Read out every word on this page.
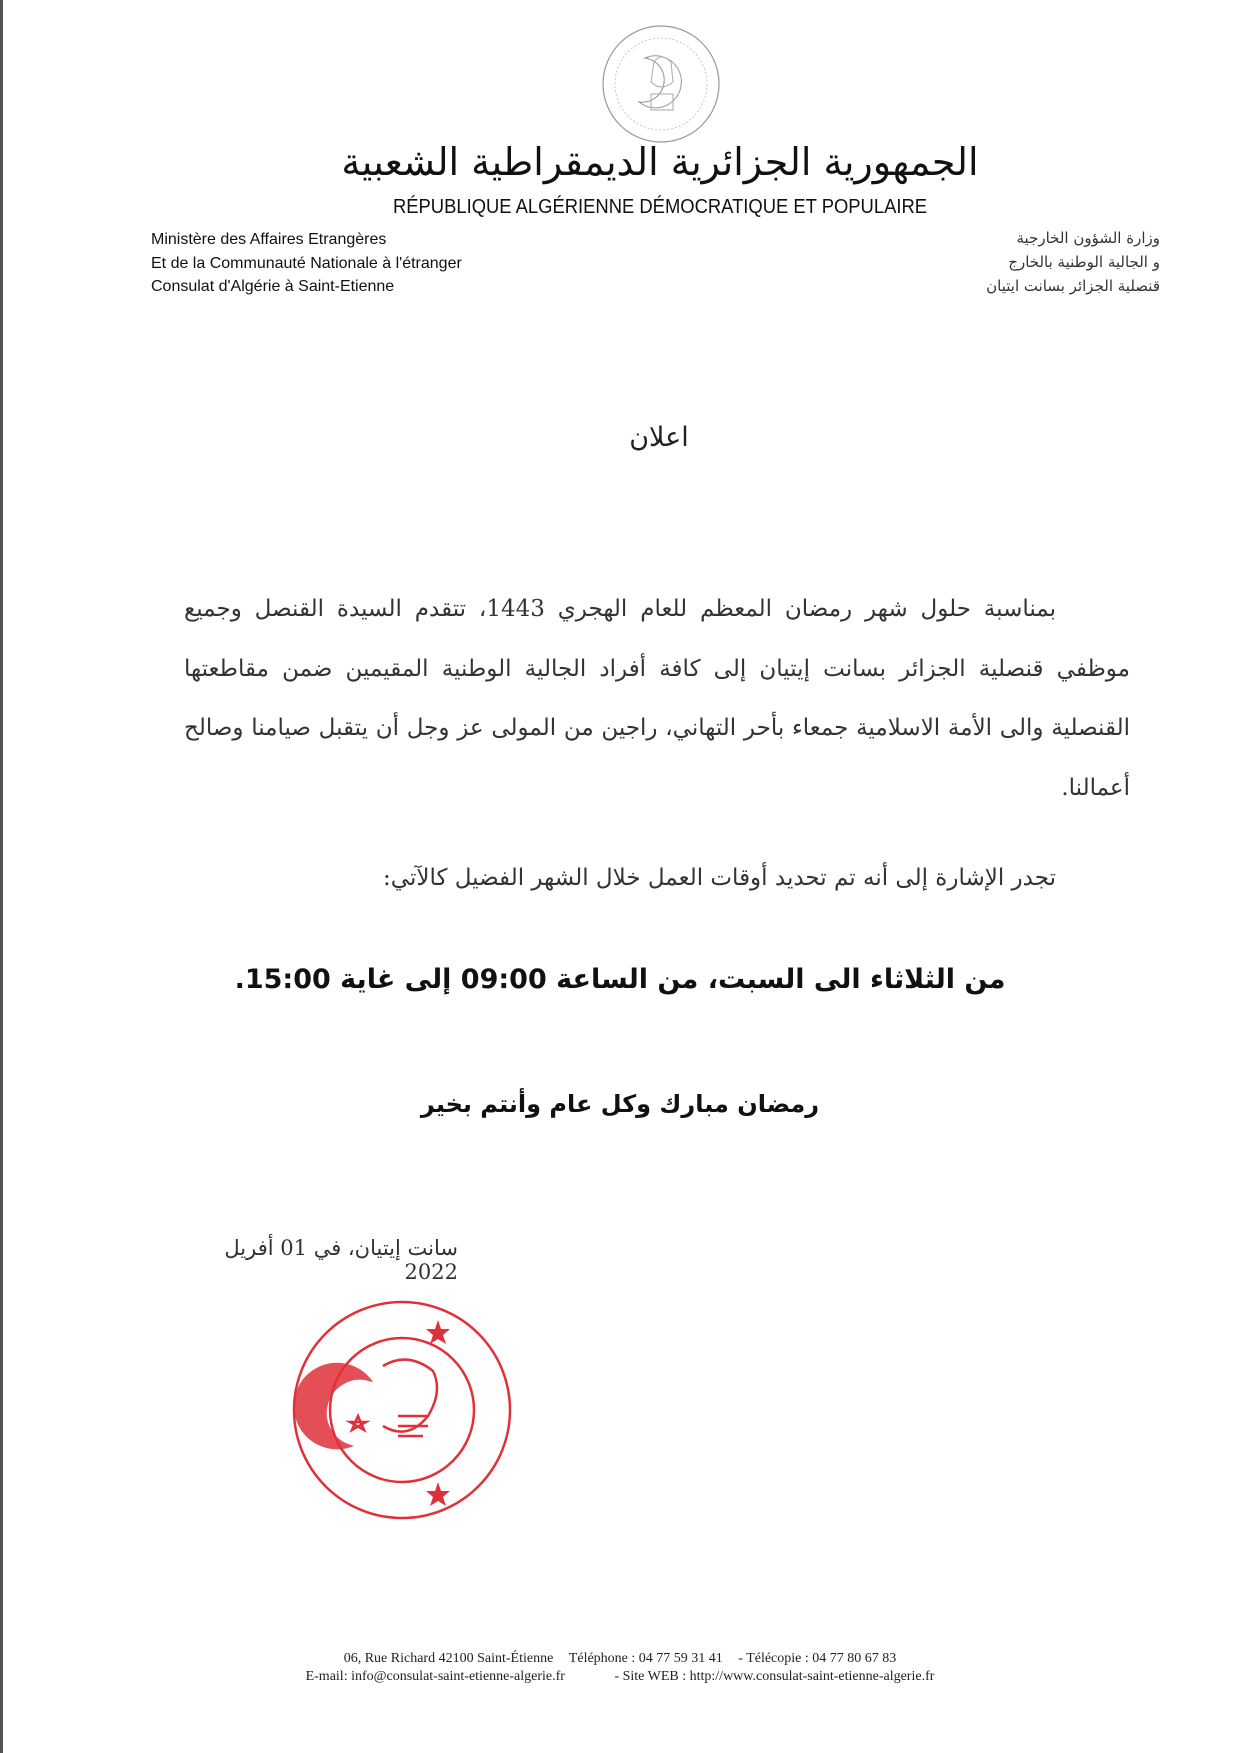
الجمهورية الجزائرية الديمقراطية الشعبية
RÉPUBLIQUE ALGÉRIENNE DÉMOCRATIQUE ET POPULAIRE
Ministère des Affaires Etrangères
Et de la Communauté Nationale à l'étranger
Consulat d'Algérie à Saint-Etienne
وزارة الشؤون الخارجية
و الجالية الوطنية بالخارج
قنصلية الجزائر بسانت ايتيان
اعلان
بمناسبة حلول شهر رمضان المعظم للعام الهجري 1443، تتقدم السيدة القنصل وجميع موظفي قنصلية الجزائر بسانت إيتيان إلى كافة أفراد الجالية الوطنية المقيمين ضمن مقاطعتها القنصلية والى الأمة الاسلامية جمعاء بأحر التهاني، راجين من المولى عز وجل أن يتقبل صيامنا وصالح أعمالنا.
تجدر الإشارة إلى أنه تم تحديد أوقات العمل خلال الشهر الفضيل كالآتي:
من الثلاثاء الى السبت، من الساعة 09:00 إلى غاية 15:00.
رمضان مبارك وكل عام وأنتم بخير
سانت إيتيان، في 01 أفريل 2022
06, Rue Richard 42100 Saint-Étienne Téléphone : 04 77 59 31 41 - Télécopie : 04 77 80 67 83
E-mail: info@consulat-saint-etienne-algerie.fr	- Site WEB : http://www.consulat-saint-etienne-algerie.fr
